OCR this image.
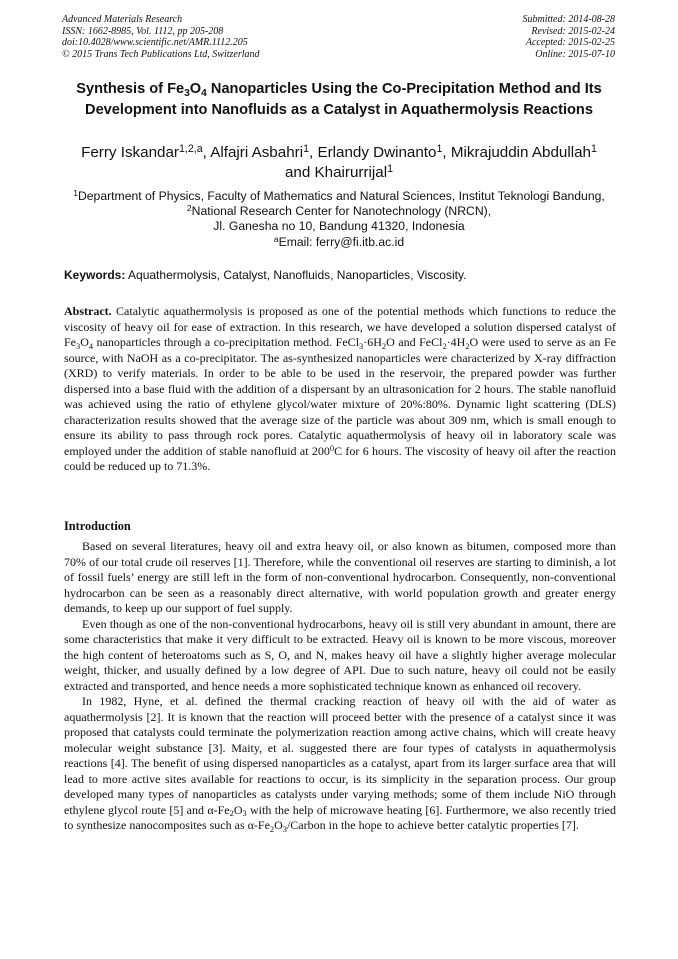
Advanced Materials Research
ISSN: 1662-8985, Vol. 1112, pp 205-208
doi:10.4028/www.scientific.net/AMR.1112.205
© 2015 Trans Tech Publications Ltd, Switzerland
Submitted: 2014-08-28
Revised: 2015-02-24
Accepted: 2015-02-25
Online: 2015-07-10
Synthesis of $Fe_3O_4$ Nanoparticles Using the Co-Precipitation Method and Its Development into Nanofluids as a Catalyst in Aquathermolysis Reactions
Ferry Iskandar$^{1,2,a}$, Alfajri Asbahri$^1$, Erlandy Dwinanto$^1$, Mikrajuddin Abdullah$^1$
and Khairurrijal$^1$
$^1$Department of Physics, Faculty of Mathematics and Natural Sciences, Institut Teknologi Bandung,
$^2$National Research Center for Nanotechnology (NRCN),
Jl. Ganesha no 10, Bandung 41320, Indonesia
$^a$Email: ferry@fi.itb.ac.id
Keywords: Aquathermolysis, Catalyst, Nanofluids, Nanoparticles, Viscosity.
Abstract. Catalytic aquathermolysis is proposed as one of the potential methods which functions to reduce the viscosity of heavy oil for ease of extraction. In this research, we have developed a solution dispersed catalyst of $Fe_3O_4$ nanoparticles through a co-precipitation method. $FeCl_3\cdot 6H_2O$ and $FeCl_2\cdot 4H_2O$ were used to serve as an Fe source, with NaOH as a co-precipitator. The as-synthesized nanoparticles were characterized by X-ray diffraction (XRD) to verify materials. In order to be able to be used in the reservoir, the prepared powder was further dispersed into a base fluid with the addition of a dispersant by an ultrasonication for 2 hours. The stable nanofluid was achieved using the ratio of ethylene glycol/water mixture of 20%:80%. Dynamic light scattering (DLS) characterization results showed that the average size of the particle was about 309 nm, which is small enough to ensure its ability to pass through rock pores. Catalytic aquathermolysis of heavy oil in laboratory scale was employed under the addition of stable nanofluid at $200^0C$ for 6 hours. The viscosity of heavy oil after the reaction could be reduced up to 71.3%.
Introduction

Based on several literatures, heavy oil and extra heavy oil, or also known as bitumen, composed more than 70% of our total crude oil reserves [1]. Therefore, while the conventional oil reserves are starting to diminish, a lot of fossil fuels’ energy are still left in the form of non-conventional hydrocarbon. Consequently, non-conventional hydrocarbon can be seen as a reasonably direct alternative, with world population growth and greater energy demands, to keep up our support of fuel supply.

Even though as one of the non-conventional hydrocarbons, heavy oil is still very abundant in amount, there are some characteristics that make it very difficult to be extracted. Heavy oil is known to be more viscous, moreover the high content of heteroatoms such as S, O, and N, makes heavy oil have a slightly higher average molecular weight, thicker, and usually defined by a low degree of API. Due to such nature, heavy oil could not be easily extracted and transported, and hence needs a more sophisticated technique known as enhanced oil recovery.

In 1982, Hyne, et al. defined the thermal cracking reaction of heavy oil with the aid of water as aquathermolysis [2]. It is known that the reaction will proceed better with the presence of a catalyst since it was proposed that catalysts could terminate the polymerization reaction among active chains, which will create heavy molecular weight substance [3]. Maity, et al. suggested there are four types of catalysts in aquathermolysis reactions [4]. The benefit of using dispersed nanoparticles as a catalyst, apart from its larger surface area that will lead to more active sites available for reactions to occur, is its simplicity in the separation process. Our group developed many types of nanoparticles as catalysts under varying methods; some of them include NiO through ethylene glycol route [5] and $\alpha-Fe_2O_3$ with the help of microwave heating [6]. Furthermore, we also recently tried to synthesize nanocomposites such as $\alpha-Fe_2O_3$/Carbon in the hope to achieve better catalytic properties [7].
